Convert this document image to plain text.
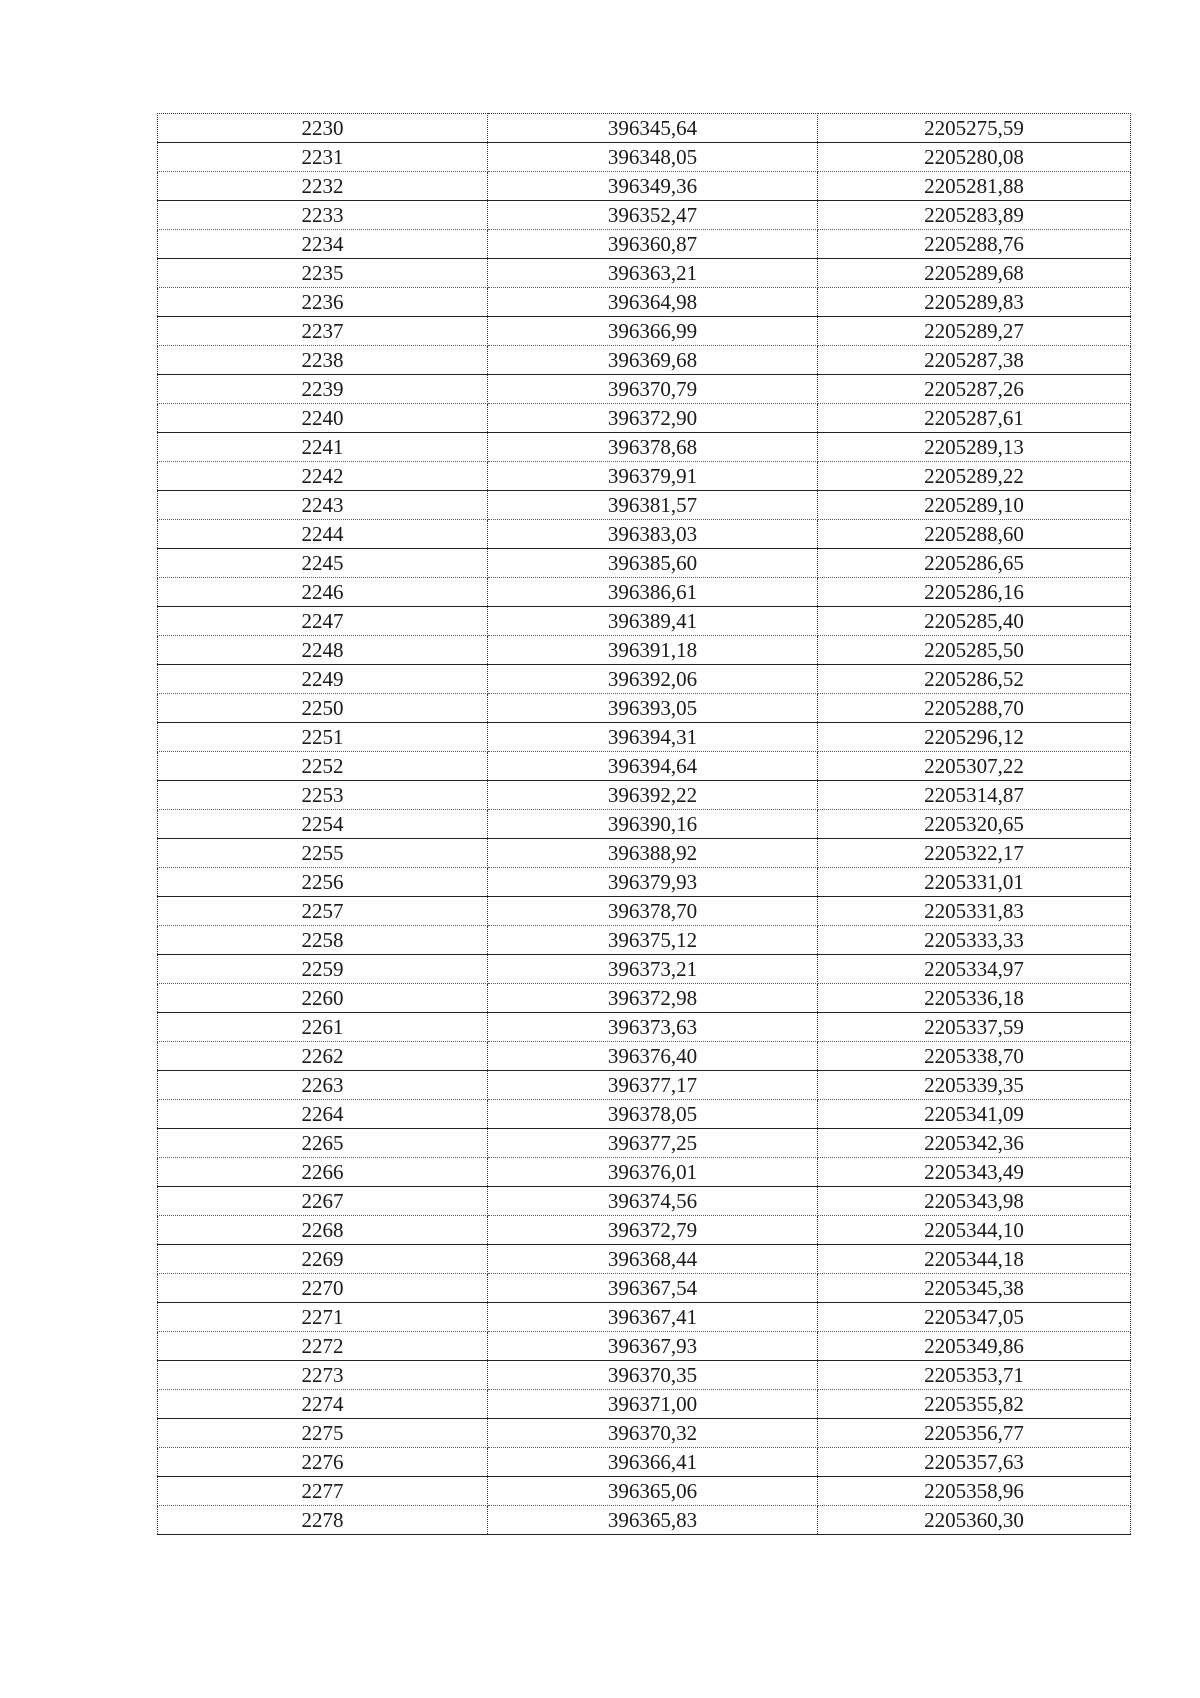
2230	396345,64	2205275,59
2231	396348,05	2205280,08
2232	396349,36	2205281,88
2233	396352,47	2205283,89
2234	396360,87	2205288,76
2235	396363,21	2205289,68
2236	396364,98	2205289,83
2237	396366,99	2205289,27
2238	396369,68	2205287,38
2239	396370,79	2205287,26
2240	396372,90	2205287,61
2241	396378,68	2205289,13
2242	396379,91	2205289,22
2243	396381,57	2205289,10
2244	396383,03	2205288,60
2245	396385,60	2205286,65
2246	396386,61	2205286,16
2247	396389,41	2205285,40
2248	396391,18	2205285,50
2249	396392,06	2205286,52
2250	396393,05	2205288,70
2251	396394,31	2205296,12
2252	396394,64	2205307,22
2253	396392,22	2205314,87
2254	396390,16	2205320,65
2255	396388,92	2205322,17
2256	396379,93	2205331,01
2257	396378,70	2205331,83
2258	396375,12	2205333,33
2259	396373,21	2205334,97
2260	396372,98	2205336,18
2261	396373,63	2205337,59
2262	396376,40	2205338,70
2263	396377,17	2205339,35
2264	396378,05	2205341,09
2265	396377,25	2205342,36
2266	396376,01	2205343,49
2267	396374,56	2205343,98
2268	396372,79	2205344,10
2269	396368,44	2205344,18
2270	396367,54	2205345,38
2271	396367,41	2205347,05
2272	396367,93	2205349,86
2273	396370,35	2205353,71
2274	396371,00	2205355,82
2275	396370,32	2205356,77
2276	396366,41	2205357,63
2277	396365,06	2205358,96
2278	396365,83	2205360,30
